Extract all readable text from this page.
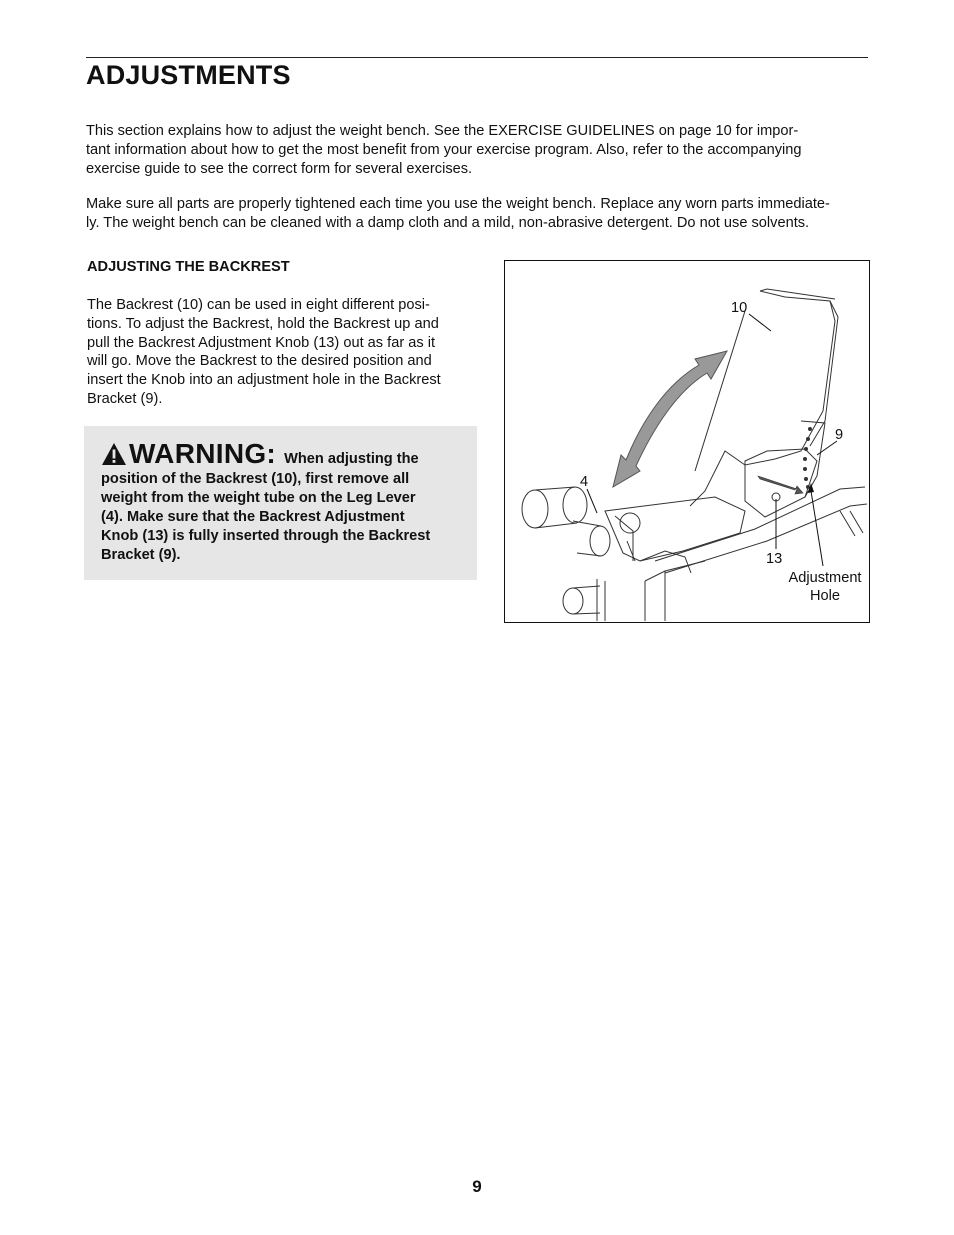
ADJUSTMENTS

This section explains how to adjust the weight bench. See the EXERCISE GUIDELINES on page 10 for impor-
tant information about how to get the most benefit from your exercise program. Also, refer to the accompanying
exercise guide to see the correct form for several exercises.

Make sure all parts are properly tightened each time you use the weight bench. Replace any worn parts immediate-
ly. The weight bench can be cleaned with a damp cloth and a mild, non-abrasive detergent. Do not use solvents.

ADJUSTING THE BACKREST

The Backrest (10) can be used in eight different posi-
tions. To adjust the Backrest, hold the Backrest up and
pull the Backrest Adjustment Knob (13) out as far as it
will go. Move the Backrest to the desired position and
insert the Knob into an adjustment hole in the Backrest
Bracket (9).

WARNING: When adjusting the
position of the Backrest (10), first remove all
weight from the weight tube on the Leg Lever
(4). Make sure that the Backrest Adjustment
Knob (13) is fully inserted through the Backrest
Bracket (9).
10
9
4
13
Adjustment
Hole
9
